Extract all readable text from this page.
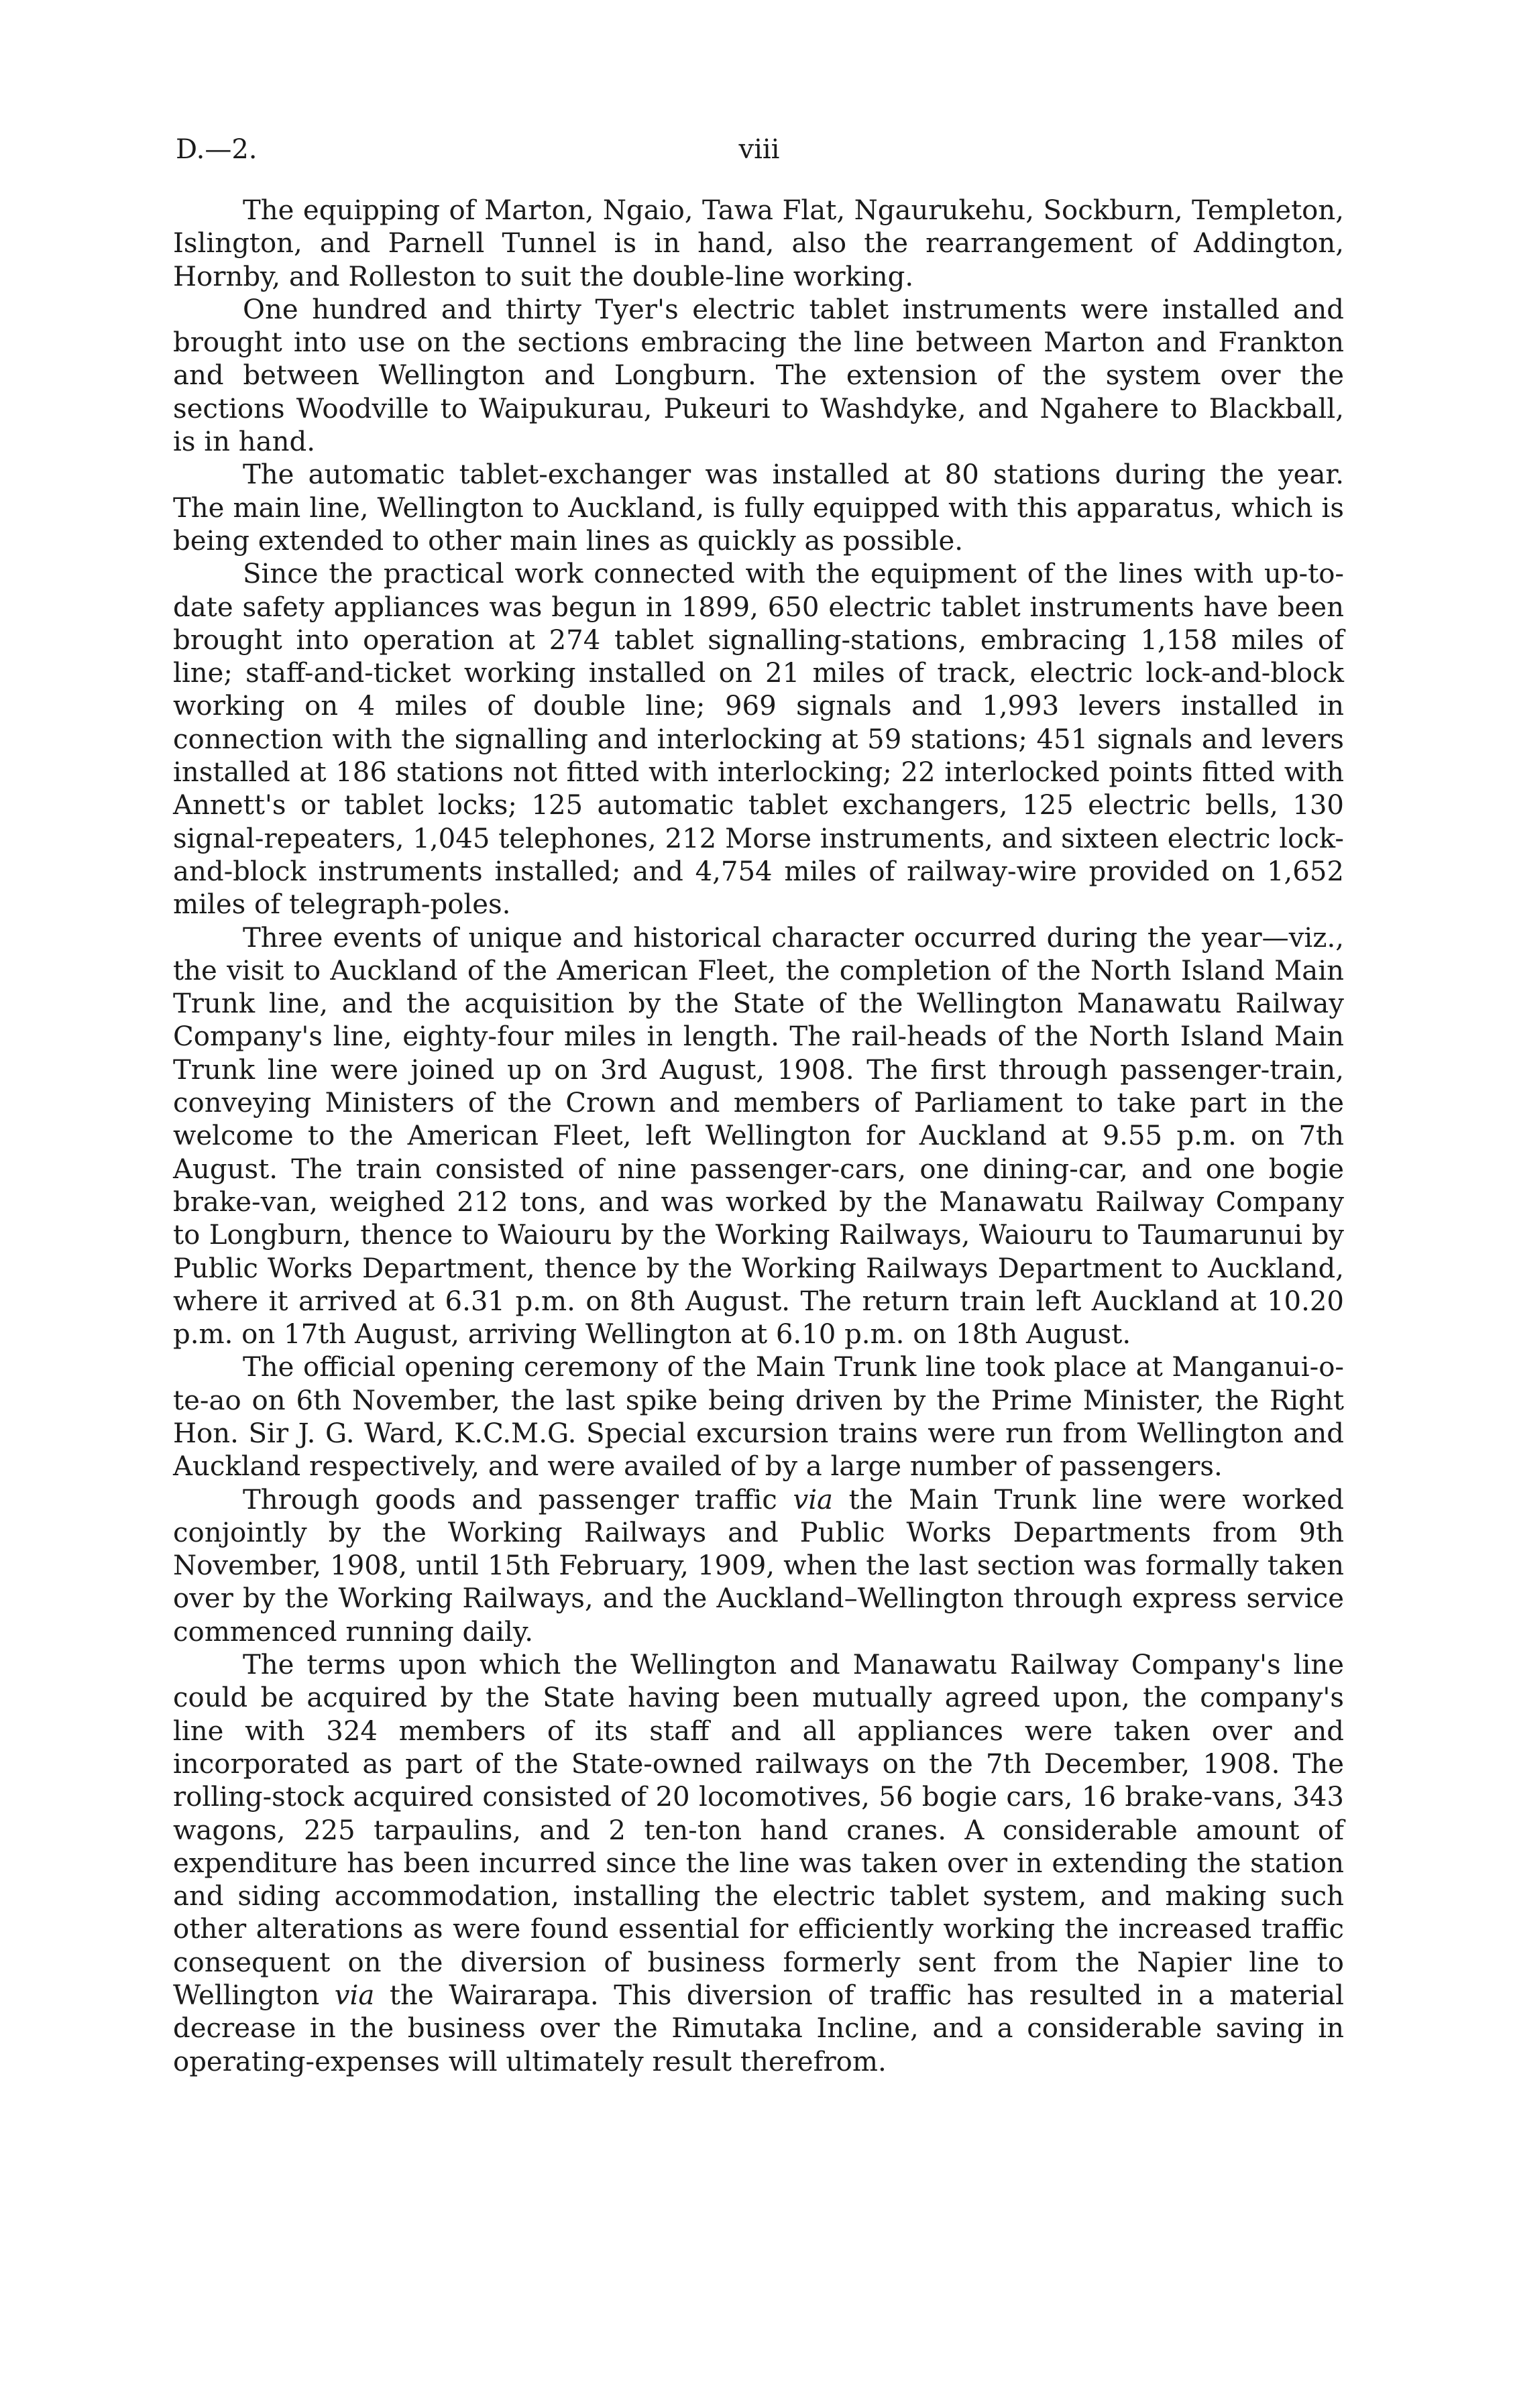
D.—2.	viii

The equipping of Marton, Ngaio, Tawa Flat, Ngaurukehu, Sockburn, Templeton, Islington, and Parnell Tunnel is in hand, also the rearrangement of Addington, Hornby, and Rolleston to suit the double-line working.

One hundred and thirty Tyer's electric tablet instruments were installed and brought into use on the sections embracing the line between Marton and Frankton and between Wellington and Longburn. The extension of the system over the sections Woodville to Waipukurau, Pukeuri to Washdyke, and Ngahere to Blackball, is in hand.

The automatic tablet-exchanger was installed at 80 stations during the year. The main line, Wellington to Auckland, is fully equipped with this apparatus, which is being extended to other main lines as quickly as possible.

Since the practical work connected with the equipment of the lines with up-to-date safety appliances was begun in 1899, 650 electric tablet instruments have been brought into operation at 274 tablet signalling-stations, embracing 1,158 miles of line; staff-and-ticket working installed on 21 miles of track, electric lock-and-block working on 4 miles of double line; 969 signals and 1,993 levers installed in connection with the signalling and interlocking at 59 stations; 451 signals and levers installed at 186 stations not fitted with interlocking; 22 interlocked points fitted with Annett's or tablet locks; 125 automatic tablet exchangers, 125 electric bells, 130 signal-repeaters, 1,045 telephones, 212 Morse instruments, and sixteen electric lock-and-block instruments installed; and 4,754 miles of railway-wire provided on 1,652 miles of telegraph-poles.

Three events of unique and historical character occurred during the year—viz., the visit to Auckland of the American Fleet, the completion of the North Island Main Trunk line, and the acquisition by the State of the Wellington Manawatu Railway Company's line, eighty-four miles in length. The rail-heads of the North Island Main Trunk line were joined up on 3rd August, 1908. The first through passenger-train, conveying Ministers of the Crown and members of Parliament to take part in the welcome to the American Fleet, left Wellington for Auckland at 9.55 p.m. on 7th August. The train consisted of nine passenger-cars, one dining-car, and one bogie brake-van, weighed 212 tons, and was worked by the Manawatu Railway Company to Longburn, thence to Waiouru by the Working Railways, Waiouru to Taumarunui by Public Works Department, thence by the Working Railways Department to Auckland, where it arrived at 6.31 p.m. on 8th August. The return train left Auckland at 10.20 p.m. on 17th August, arriving Wellington at 6.10 p.m. on 18th August.

The official opening ceremony of the Main Trunk line took place at Manganui-o-te-ao on 6th November, the last spike being driven by the Prime Minister, the Right Hon. Sir J. G. Ward, K.C.M.G. Special excursion trains were run from Wellington and Auckland respectively, and were availed of by a large number of passengers.

Through goods and passenger traffic via the Main Trunk line were worked conjointly by the Working Railways and Public Works Departments from 9th November, 1908, until 15th February, 1909, when the last section was formally taken over by the Working Railways, and the Auckland–Wellington through express service commenced running daily.

The terms upon which the Wellington and Manawatu Railway Company's line could be acquired by the State having been mutually agreed upon, the company's line with 324 members of its staff and all appliances were taken over and incorporated as part of the State-owned railways on the 7th December, 1908. The rolling-stock acquired consisted of 20 locomotives, 56 bogie cars, 16 brake-vans, 343 wagons, 225 tarpaulins, and 2 ten-ton hand cranes. A considerable amount of expenditure has been incurred since the line was taken over in extending the station and siding accommodation, installing the electric tablet system, and making such other alterations as were found essential for efficiently working the increased traffic consequent on the diversion of business formerly sent from the Napier line to Wellington via the Wairarapa. This diversion of traffic has resulted in a material decrease in the business over the Rimutaka Incline, and a considerable saving in operating-expenses will ultimately result therefrom.
